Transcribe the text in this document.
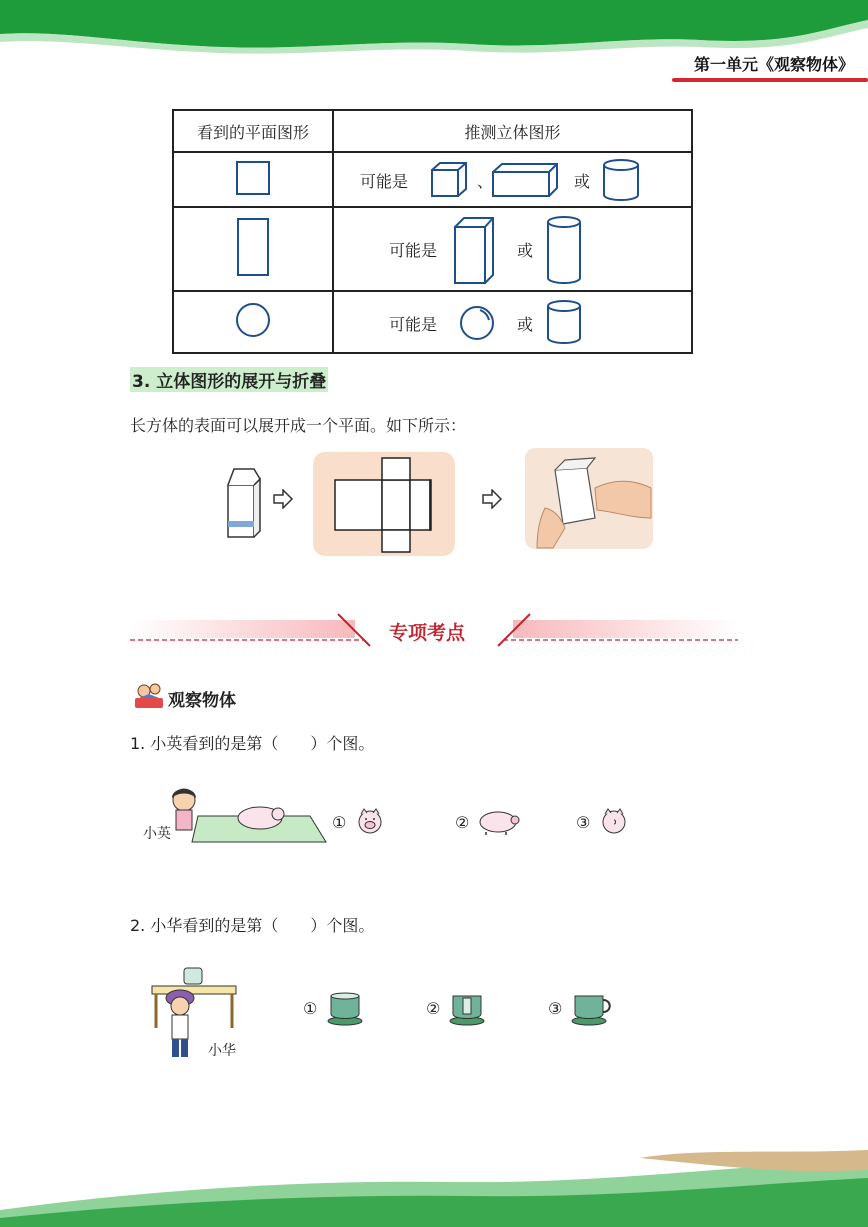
第一单元《观察物体》
看到的平面图形	推测立体图形

可能是 、 或

可能是 或

可能是 或
3. 立体图形的展开与折叠
长方体的表面可以展开成一个平面。如下所示：
专项考点
观察物体
1. 小英看到的是第（　　）个图。
小英
①	②	③
2. 小华看到的是第（　　）个图。
小华
①	②	③
